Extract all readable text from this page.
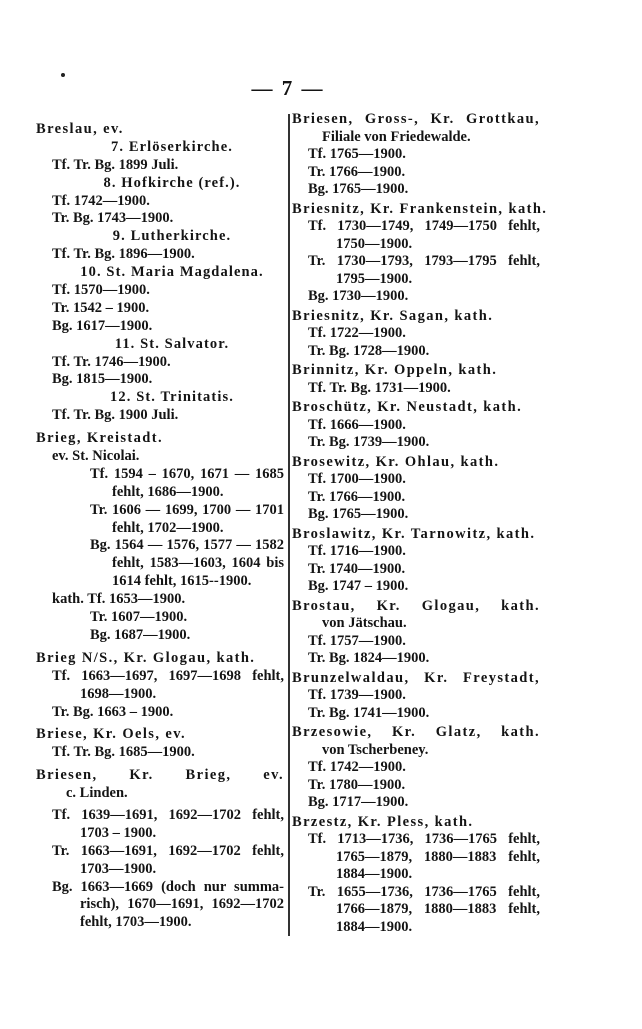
— 7 —
Breslau, ev.
7. Erlöserkirche.
Tf. Tr. Bg. 1899 Juli.
8. Hofkirche (ref.).
Tf. 1742—1900.
Tr. Bg. 1743—1900.
9. Lutherkirche.
Tf. Tr. Bg. 1896—1900.
10. St. Maria Magdalena.
Tf. 1570—1900.
Tr. 1542 – 1900.
Bg. 1617—1900.
11. St. Salvator.
Tf. Tr. 1746—1900.
Bg. 1815—1900.
12. St. Trinitatis.
Tf. Tr. Bg. 1900 Juli.
Brieg, Kreistadt.
ev. St. Nicolai.
Tf. 1594 – 1670, 1671 — 1685
fehlt, 1686—1900.
Tr. 1606 — 1699, 1700 — 1701
fehlt, 1702—1900.
Bg. 1564 — 1576, 1577 — 1582
fehlt, 1583—1603, 1604 bis
1614 fehlt, 1615--1900.
kath. Tf. 1653—1900.
Tr. 1607—1900.
Bg. 1687—1900.
Brieg N/S., Kr. Glogau, kath.
Tf. 1663—1697, 1697—1698 fehlt,
1698—1900.
Tr. Bg. 1663 – 1900.
Briese, Kr. Oels, ev.
Tf. Tr. Bg. 1685—1900.
Briesen, Kr. Brieg, ev.
c. Linden.
Tf. 1639—1691, 1692—1702 fehlt,
1703 – 1900.
Tr. 1663—1691, 1692—1702 fehlt,
1703—1900.
Bg. 1663—1669 (doch nur summa-
risch), 1670—1691, 1692—1702
fehlt, 1703—1900.
Briesen, Gross-, Kr. Grottkau,
Filiale von Friedewalde.
Tf. 1765—1900.
Tr. 1766—1900.
Bg. 1765—1900.
Briesnitz, Kr. Frankenstein, kath.
Tf. 1730—1749, 1749—1750 fehlt,
1750—1900.
Tr. 1730—1793, 1793—1795 fehlt,
1795—1900.
Bg. 1730—1900.
Briesnitz, Kr. Sagan, kath.
Tf. 1722—1900.
Tr. Bg. 1728—1900.
Brinnitz, Kr. Oppeln, kath.
Tf. Tr. Bg. 1731—1900.
Broschütz, Kr. Neustadt, kath.
Tf. 1666—1900.
Tr. Bg. 1739—1900.
Brosewitz, Kr. Ohlau, kath.
Tf. 1700—1900.
Tr. 1766—1900.
Bg. 1765—1900.
Broslawitz, Kr. Tarnowitz, kath.
Tf. 1716—1900.
Tr. 1740—1900.
Bg. 1747 – 1900.
Brostau, Kr. Glogau, kath.
von Jätschau.
Tf. 1757—1900.
Tr. Bg. 1824—1900.
Brunzelwaldau, Kr. Freystadt,
Tf. 1739—1900.
Tr. Bg. 1741—1900.
Brzesowie, Kr. Glatz, kath.
von Tscherbeney.
Tf. 1742—1900.
Tr. 1780—1900.
Bg. 1717—1900.
Brzestz, Kr. Pless, kath.
Tf. 1713—1736, 1736—1765 fehlt,
1765—1879, 1880—1883 fehlt,
1884—1900.
Tr. 1655—1736, 1736—1765 fehlt,
1766—1879, 1880—1883 fehlt,
1884—1900.
